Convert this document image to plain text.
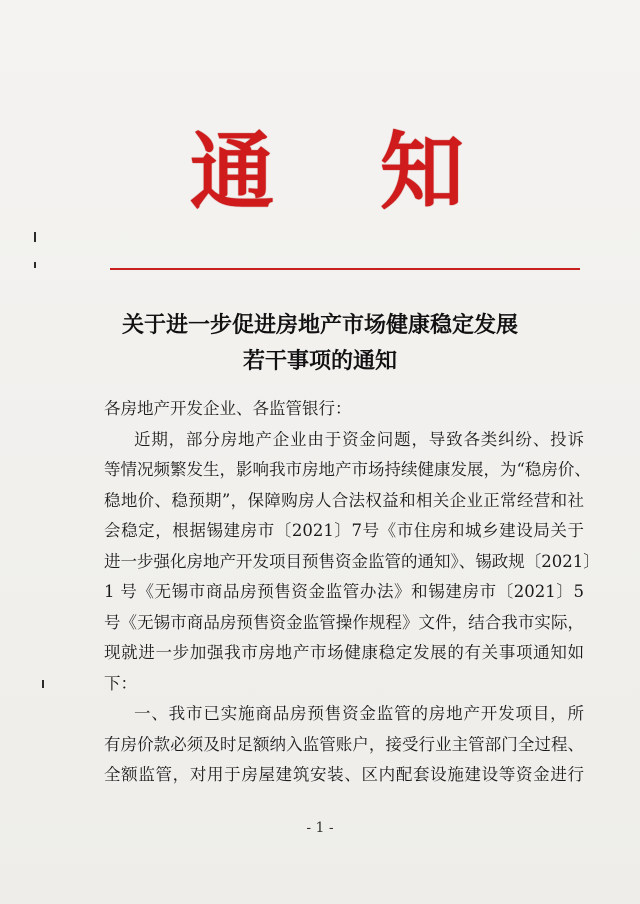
通 知
关于进一步促进房地产市场健康稳定发展
若干事项的通知
各房地产开发企业、各监管银行：
近期，部分房地产企业由于资金问题，导致各类纠纷、投诉
等情况频繁发生，影响我市房地产市场持续健康发展，为“稳房价、
稳地价、稳预期”，保障购房人合法权益和相关企业正常经营和社
会稳定，根据锡建房市〔2021〕7号《市住房和城乡建设局关于
进一步强化房地产开发项目预售资金监管的通知》、锡政规〔2021〕
1 号《无锡市商品房预售资金监管办法》和锡建房市〔2021〕5
号《无锡市商品房预售资金监管操作规程》文件，结合我市实际，
现就进一步加强我市房地产市场健康稳定发展的有关事项通知如
下：
一、我市已实施商品房预售资金监管的房地产开发项目，所
有房价款必须及时足额纳入监管账户，接受行业主管部门全过程、
全额监管，对用于房屋建筑安装、区内配套设施建设等资金进行
- 1 -
